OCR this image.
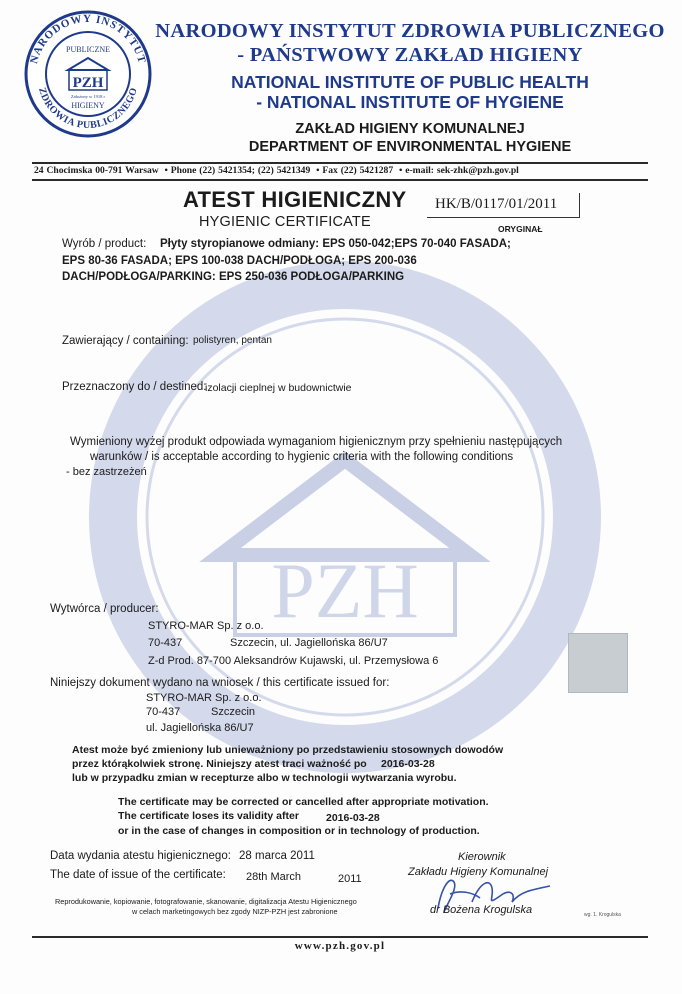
PZH
NARODOWY INSTYTUT
ZDROWIA PUBLICZNEGO
PUBLICZNE
PZH
Założony w 1918 r
HIGIENY
NARODOWY INSTYTUT ZDROWIA PUBLICZNEGO
- PAŃSTWOWY ZAKŁAD HIGIENY
NATIONAL INSTITUTE OF PUBLIC HEALTH
- NATIONAL INSTITUTE OF HYGIENE
ZAKŁAD HIGIENY KOMUNALNEJ
DEPARTMENT OF ENVIRONMENTAL HYGIENE
24 Chocimska 00-791 Warsaw  • Phone (22) 5421354; (22) 5421349  • Fax (22) 5421287  • e-mail: sek-zhk@pzh.gov.pl
ATEST HIGIENICZNY HK/B/0117/01/2011
HYGIENIC CERTIFICATE	ORYGINAŁ
Wyrób / product: Płyty styropianowe odmiany: EPS 050-042;EPS 70-040 FASADA;
EPS 80-36 FASADA; EPS 100-038 DACH/PODŁOGA; EPS 200-036
DACH/PODŁOGA/PARKING: EPS 250-036 PODŁOGA/PARKING
Zawierający / containing: polistyren, pentan
Przeznaczony do / destined:
izolacji cieplnej w budownictwie
Wymieniony wyżej produkt odpowiada wymaganiom higienicznym przy spełnieniu następujących
warunków / is acceptable according to hygienic criteria with the following conditions
- bez zastrzeżeń
Wytwórca / producer:
STYRO-MAR Sp. z o.o.
70-437	Szczecin, ul. Jagiellońska 86/U7
Z-d Prod. 87-700 Aleksandrów Kujawski, ul. Przemysłowa 6
Niniejszy dokument wydano na wniosek / this certificate issued for:
STYRO-MAR Sp. z o.o.
70-437	Szczecin
ul. Jagiellońska 86/U7
Atest może być zmieniony lub unieważniony po przedstawieniu stosownych dowodów
przez którąkolwiek stronę. Niniejszy atest traci ważność po 2016-03-28
lub w przypadku zmian w recepturze albo w technologii wytwarzania wyrobu.
The certificate may be corrected or cancelled after appropriate motivation.
The certificate loses its validity after	2016-03-28
or in the case of changes in composition or in technology of production.
Data wydania atestu higienicznego: 28 marca 2011
The date of issue of the certificate: 28th March	2011
Kierownik
Zakładu Higieny Komunalnej
dr Bożena Krogulska	wg. 1. Krogulska
Reprodukowanie, kopiowanie, fotografowanie, skanowanie, digitalizacja Atestu Higienicznego
w celach marketingowych bez zgody NIZP-PZH jest zabronione
www.pzh.gov.pl
